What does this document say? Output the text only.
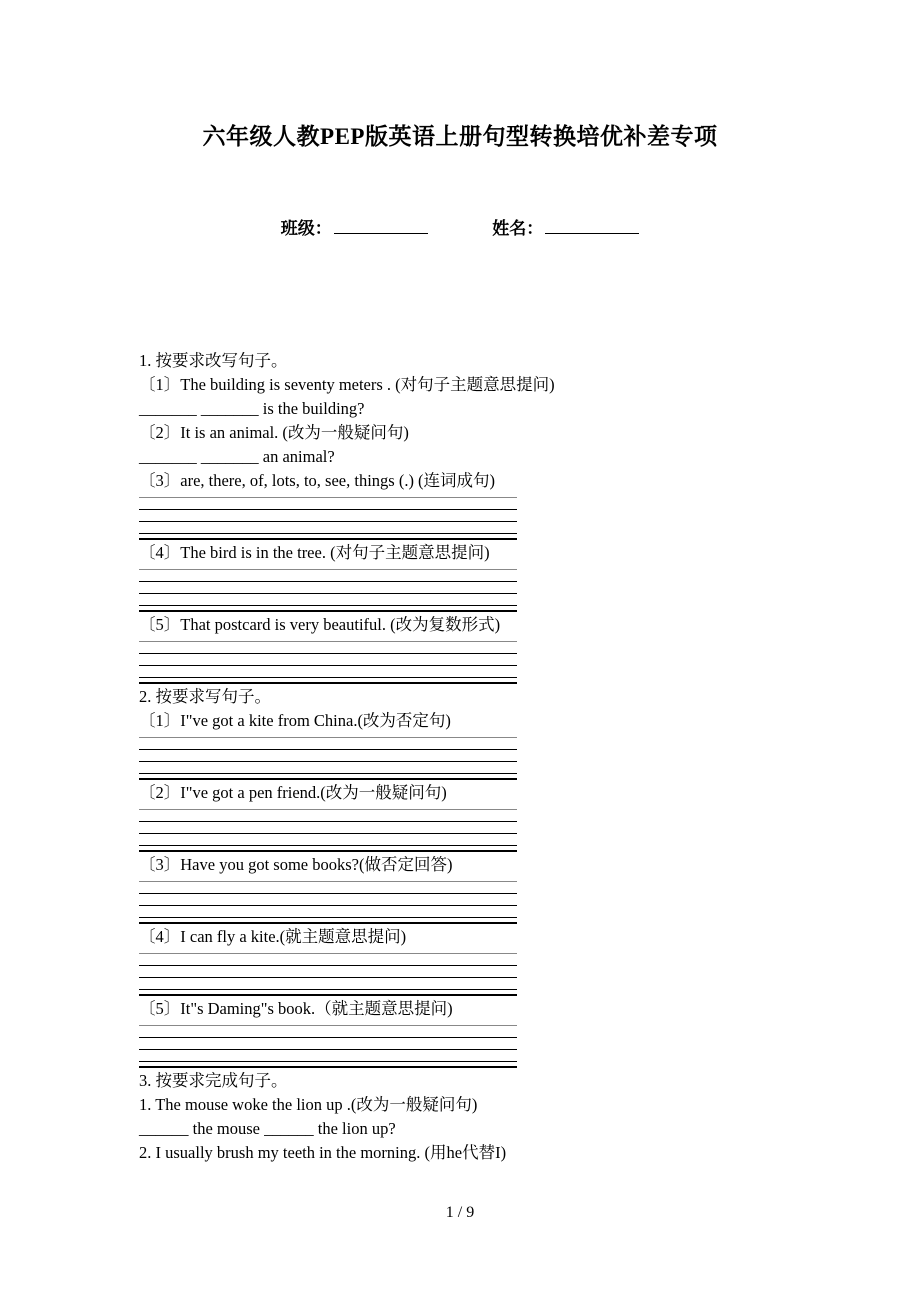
六年级人教PEP版英语上册句型转换培优补差专项
班级：	姓名：
1. 按要求改写句子。
〔1〕The building is seventy meters . (对句子主题意思提问)
_______ _______ is the building?
〔2〕It is an animal. (改为一般疑问句)
_______ _______ an animal?
〔3〕are, there, of, lots, to, see, things (.) (连词成句)
〔4〕The bird is in the tree. (对句子主题意思提问)
〔5〕That postcard is very beautiful. (改为复数形式)
2. 按要求写句子。
〔1〕I"ve got a kite from China.(改为否定句)
〔2〕I"ve got a pen friend.(改为一般疑问句)
〔3〕Have you got some books?(做否定回答)
〔4〕I can fly a kite.(就主题意思提问)
〔5〕It"s Daming"s book.（就主题意思提问)
3. 按要求完成句子。
1. The mouse woke the lion up .(改为一般疑问句)
______ the mouse ______ the lion up?
2. I usually brush my teeth in the morning. (用he代替I)
1 / 9
